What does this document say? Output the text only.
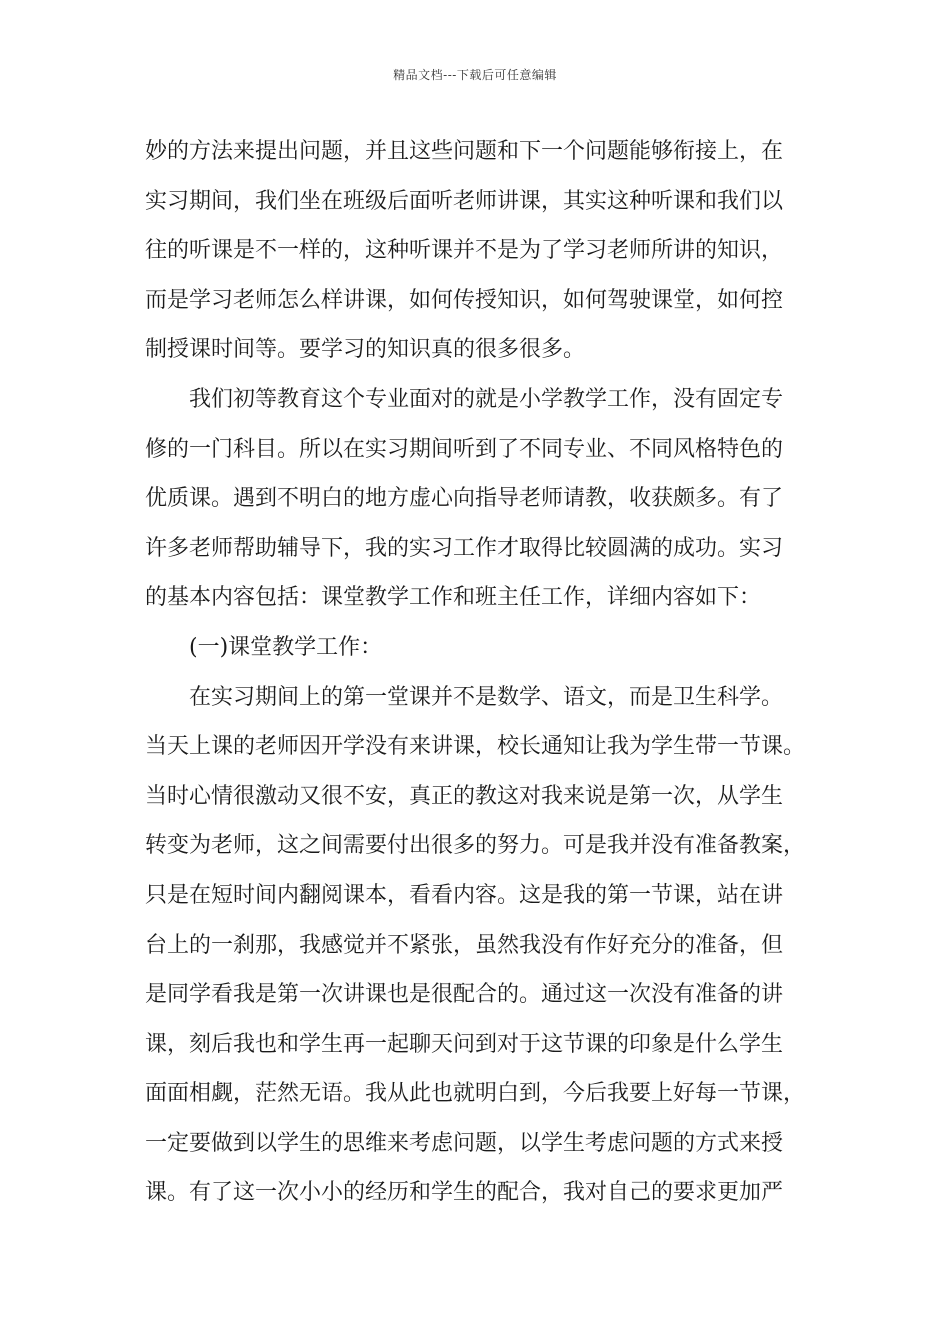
精品文档---下载后可任意编辑
妙的方法来提出问题，并且这些问题和下一个问题能够衔接上，在
实习期间，我们坐在班级后面听老师讲课，其实这种听课和我们以
往的听课是不一样的，这种听课并不是为了学习老师所讲的知识，
而是学习老师怎么样讲课，如何传授知识，如何驾驶课堂，如何控
制授课时间等。要学习的知识真的很多很多。
我们初等教育这个专业面对的就是小学教学工作，没有固定专
修的一门科目。所以在实习期间听到了不同专业、不同风格特色的
优质课。遇到不明白的地方虚心向指导老师请教，收获颇多。有了
许多老师帮助辅导下，我的实习工作才取得比较圆满的成功。实习
的基本内容包括：课堂教学工作和班主任工作，详细内容如下：
(一)课堂教学工作：
在实习期间上的第一堂课并不是数学、语文，而是卫生科学。
当天上课的老师因开学没有来讲课，校长通知让我为学生带一节课。
当时心情很激动又很不安，真正的教这对我来说是第一次，从学生
转变为老师，这之间需要付出很多的努力。可是我并没有准备教案，
只是在短时间内翻阅课本，看看内容。这是我的第一节课，站在讲
台上的一刹那，我感觉并不紧张，虽然我没有作好充分的准备，但
是同学看我是第一次讲课也是很配合的。通过这一次没有准备的讲
课，刻后我也和学生再一起聊天问到对于这节课的印象是什么学生
面面相觑，茫然无语。我从此也就明白到，今后我要上好每一节课，
一定要做到以学生的思维来考虑问题，以学生考虑问题的方式来授
课。有了这一次小小的经历和学生的配合，我对自己的要求更加严
